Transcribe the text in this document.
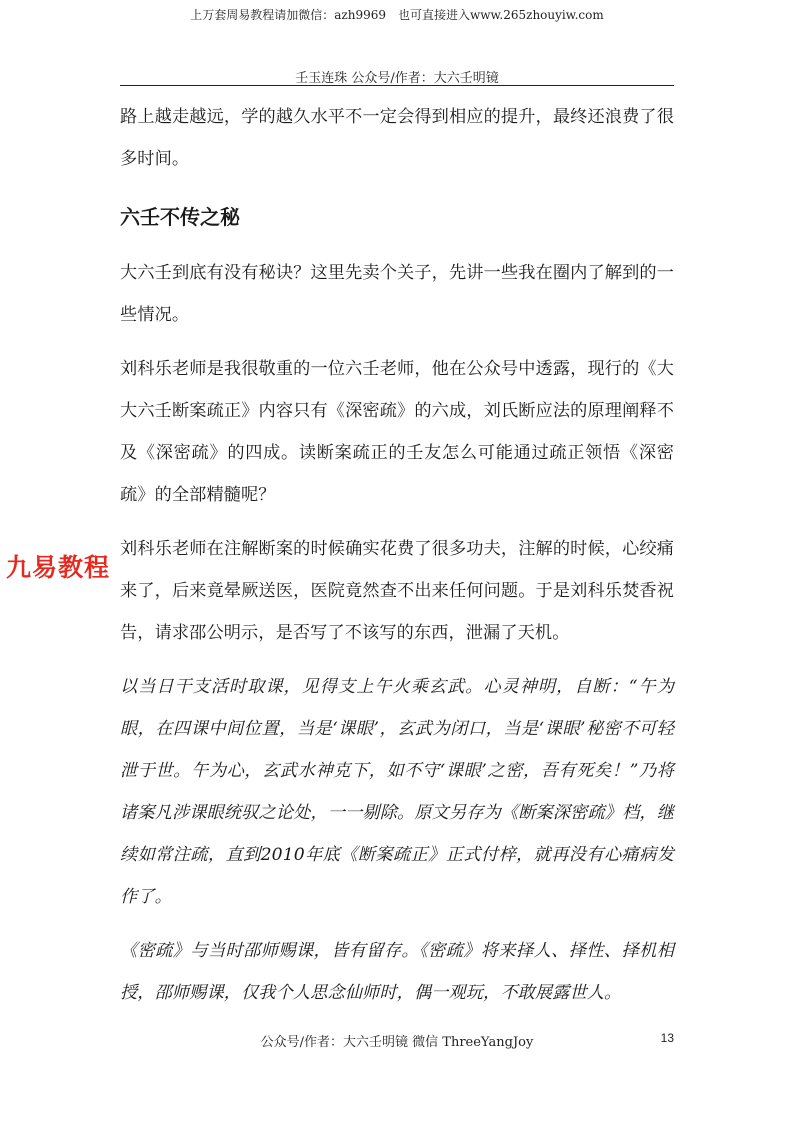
上万套周易教程请加微信：azh9969　也可直接进入www.265zhouyiw.com
壬玉连珠 公众号/作者：大六壬明镜

路上越走越远，学的越久水平不一定会得到相应的提升，最终还浪费了很多时间。

六壬不传之秘

大六壬到底有没有秘诀？这里先卖个关子，先讲一些我在圈内了解到的一些情况。

刘科乐老师是我很敬重的一位六壬老师，他在公众号中透露，现行的《大大六壬断案疏正》内容只有《深密疏》的六成，刘氏断应法的原理阐释不及《深密疏》的四成。读断案疏正的壬友怎么可能通过疏正领悟《深密疏》的全部精髓呢？

刘科乐老师在注解断案的时候确实花费了很多功夫，注解的时候，心绞痛来了，后来竟晕厥送医，医院竟然查不出来任何问题。于是刘科乐焚香祝告，请求邵公明示，是否写了不该写的东西，泄漏了天机。

以当日干支活时取课，见得支上午火乘玄武。心灵神明，自断：“午为眼，在四课中间位置，当是‘课眼’，玄武为闭口，当是‘课眼’秘密不可轻泄于世。午为心，玄武水神克下，如不守‘课眼’之密，吾有死矣！”乃将诸案凡涉课眼统驭之论处，一一剔除。原文另存为《断案深密疏》档，继续如常注疏，直到2010年底《断案疏正》正式付梓，就再没有心痛病发作了。

《密疏》与当时邵师赐课，皆有留存。《密疏》将来择人、择性、择机相授，邵师赐课，仅我个人思念仙师时，偶一观玩，不敢展露世人。

九易教程
公众号/作者：大六壬明镜 微信 ThreeYangJoy	13
